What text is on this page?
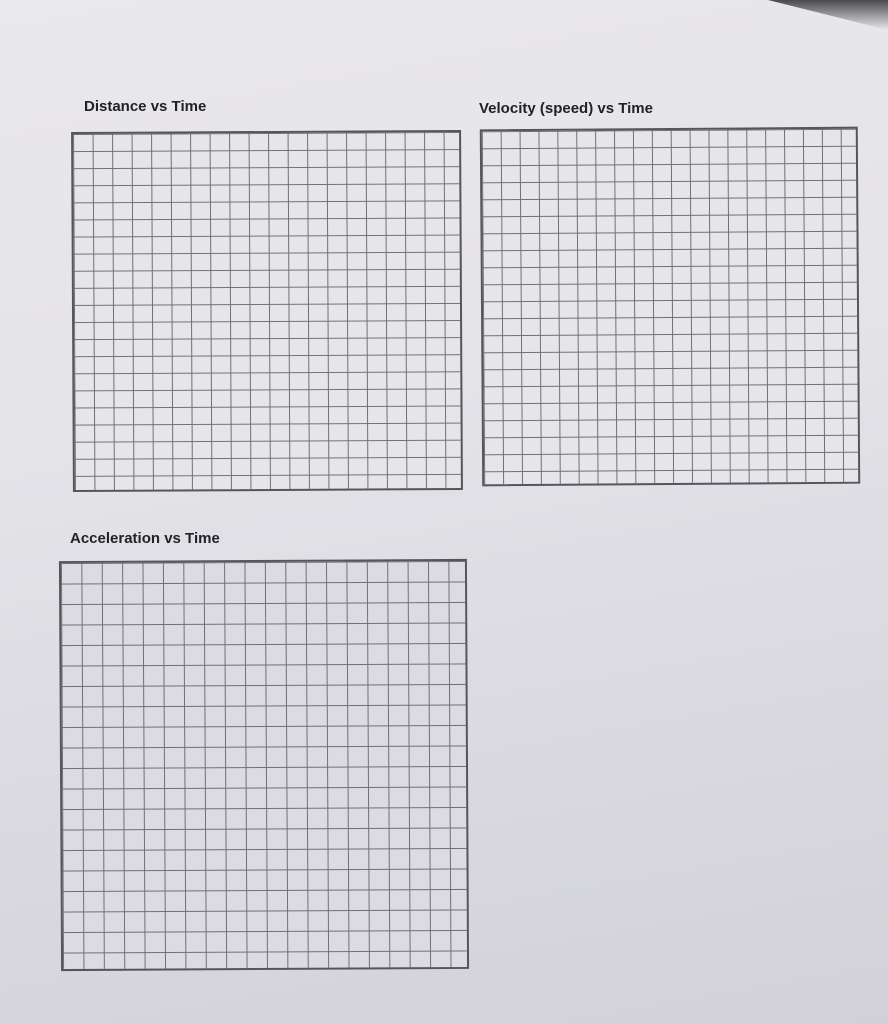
Distance vs Time	Velocity (speed) vs Time
Acceleration vs Time
